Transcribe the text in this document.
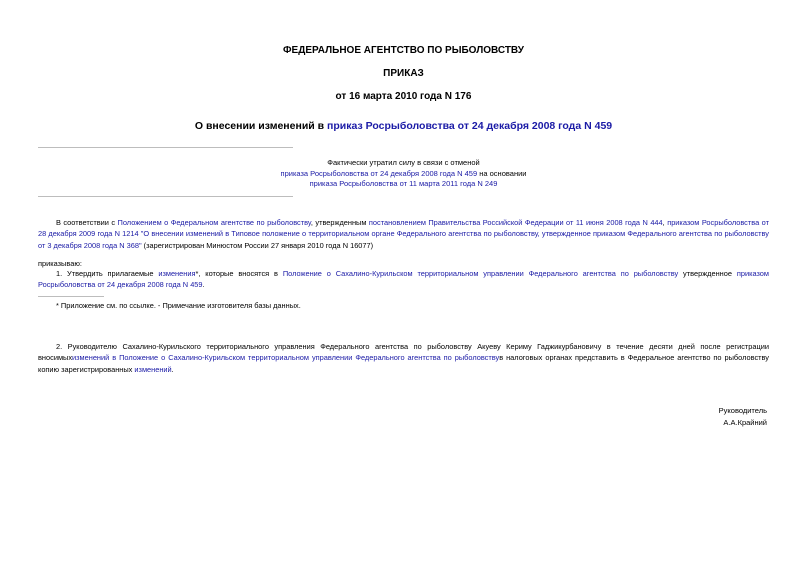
ФЕДЕРАЛЬНОЕ АГЕНТСТВО ПО РЫБОЛОВСТВУ
ПРИКАЗ
от 16 марта 2010 года N 176
О внесении изменений в приказ Росрыболовства от 24 декабря 2008 года N 459
Фактически утратил силу в связи с отменой
приказа Росрыболовства от 24 декабря 2008 года N 459 на основании
приказа Росрыболовства от 11 марта 2011 года N 249
В соответствии с Положением о Федеральном агентстве по рыболовству, утвержденным постановлением Правительства Российской Федерации от 11 июня 2008 года N 444, приказом Росрыболовства от 28 декабря 2009 года N 1214 "О внесении изменений в Типовое положение о территориальном органе Федерального агентства по рыболовству, утвержденное приказом Федерального агентства по рыболовству от 3 декабря 2008 года N 368" (зарегистрирован Минюстом России 27 января 2010 года N 16077)
приказываю:
1. Утвердить прилагаемые изменения*, которые вносятся в Положение о Сахалино-Курильском территориальном управлении Федерального агентства по рыболовству утвержденное приказом Росрыболовства от 24 декабря 2008 года N 459.
* Приложение см. по ссылке. - Примечание изготовителя базы данных.
2. Руководителю Сахалино-Курильского территориального управления Федерального агентства по рыболовству Акуеву Кериму Гаджикурбановичу в течение десяти дней после регистрации вносимыхизменений в Положение о Сахалино-Курильском территориальном управлении Федерального агентства по рыболовствув налоговых органах представить в Федеральное агентство по рыболовству копию зарегистрированных изменений.
Руководитель
А.А.Крайний
